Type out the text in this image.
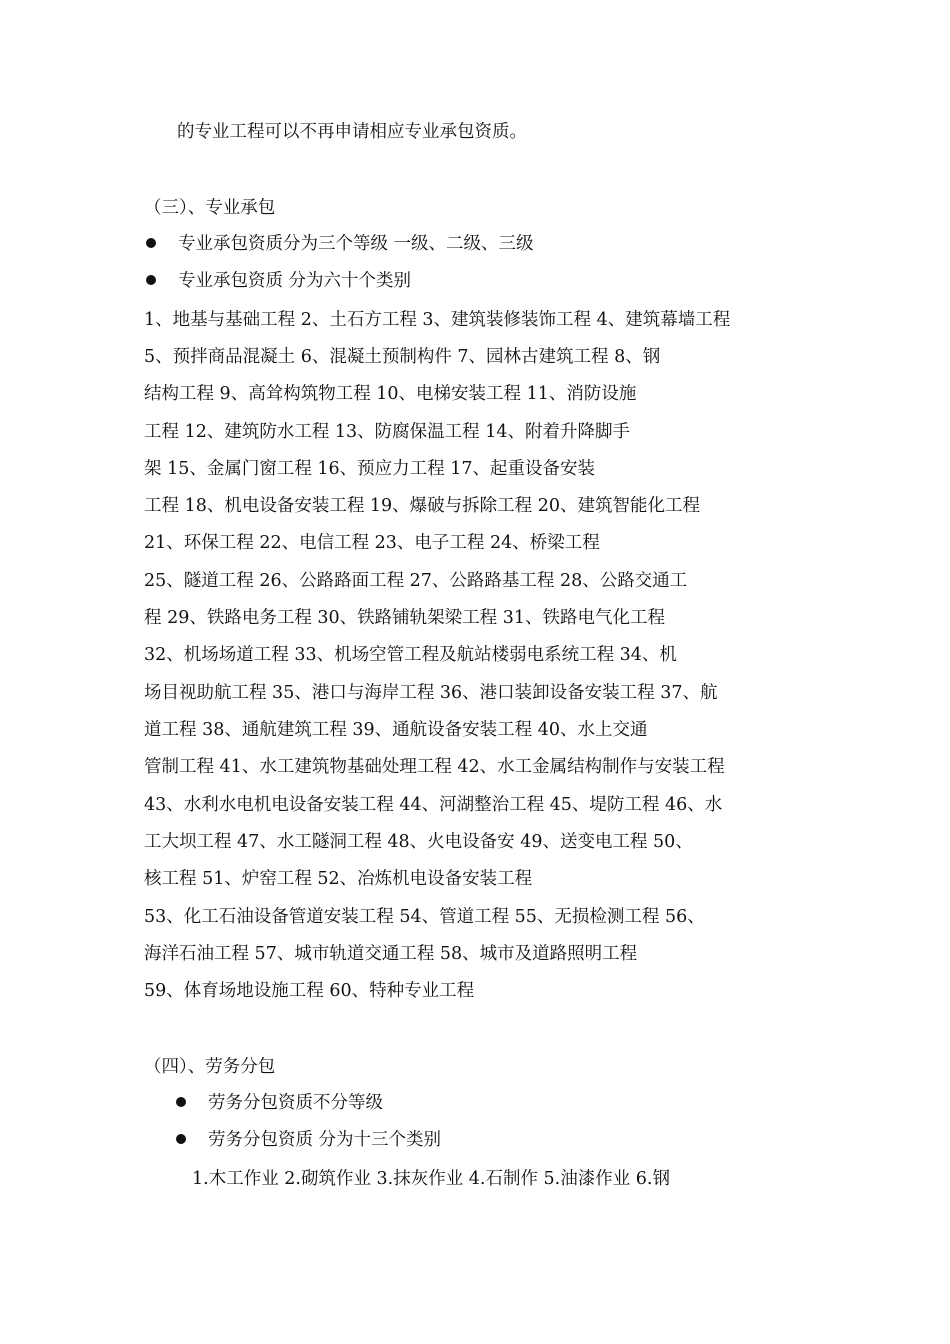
的专业工程可以不再申请相应专业承包资质。

（三）、专业承包

专业承包资质分为三个等级 一级、二级、三级

专业承包资质 分为六十个类别

1、地基与基础工程 2、土石方工程 3、建筑装修装饰工程 4、建筑幕墙工程

5、预拌商品混凝土 6、混凝土预制构件 7、园林古建筑工程 8、钢

结构工程 9、高耸构筑物工程 10、电梯安装工程 11、消防设施

工程 12、建筑防水工程 13、防腐保温工程 14、附着升降脚手

架 15、金属门窗工程 16、预应力工程 17、起重设备安装

工程 18、机电设备安装工程 19、爆破与拆除工程 20、建筑智能化工程

21、环保工程 22、电信工程 23、电子工程 24、桥梁工程

25、隧道工程 26、公路路面工程 27、公路路基工程 28、公路交通工

程 29、铁路电务工程 30、铁路铺轨架梁工程 31、铁路电气化工程

32、机场场道工程 33、机场空管工程及航站楼弱电系统工程 34、机

场目视助航工程 35、港口与海岸工程 36、港口装卸设备安装工程 37、航

道工程 38、通航建筑工程 39、通航设备安装工程 40、水上交通

管制工程 41、水工建筑物基础处理工程 42、水工金属结构制作与安装工程

43、水利水电机电设备安装工程 44、河湖整治工程 45、堤防工程 46、水

工大坝工程 47、水工隧洞工程 48、火电设备安 49、送变电工程 50、

核工程 51、炉窑工程 52、冶炼机电设备安装工程

53、化工石油设备管道安装工程 54、管道工程 55、无损检测工程 56、

海洋石油工程 57、城市轨道交通工程 58、城市及道路照明工程

59、体育场地设施工程 60、特种专业工程

（四）、劳务分包

劳务分包资质不分等级

劳务分包资质 分为十三个类别

1.木工作业 2.砌筑作业 3.抹灰作业 4.石制作 5.油漆作业 6.钢
